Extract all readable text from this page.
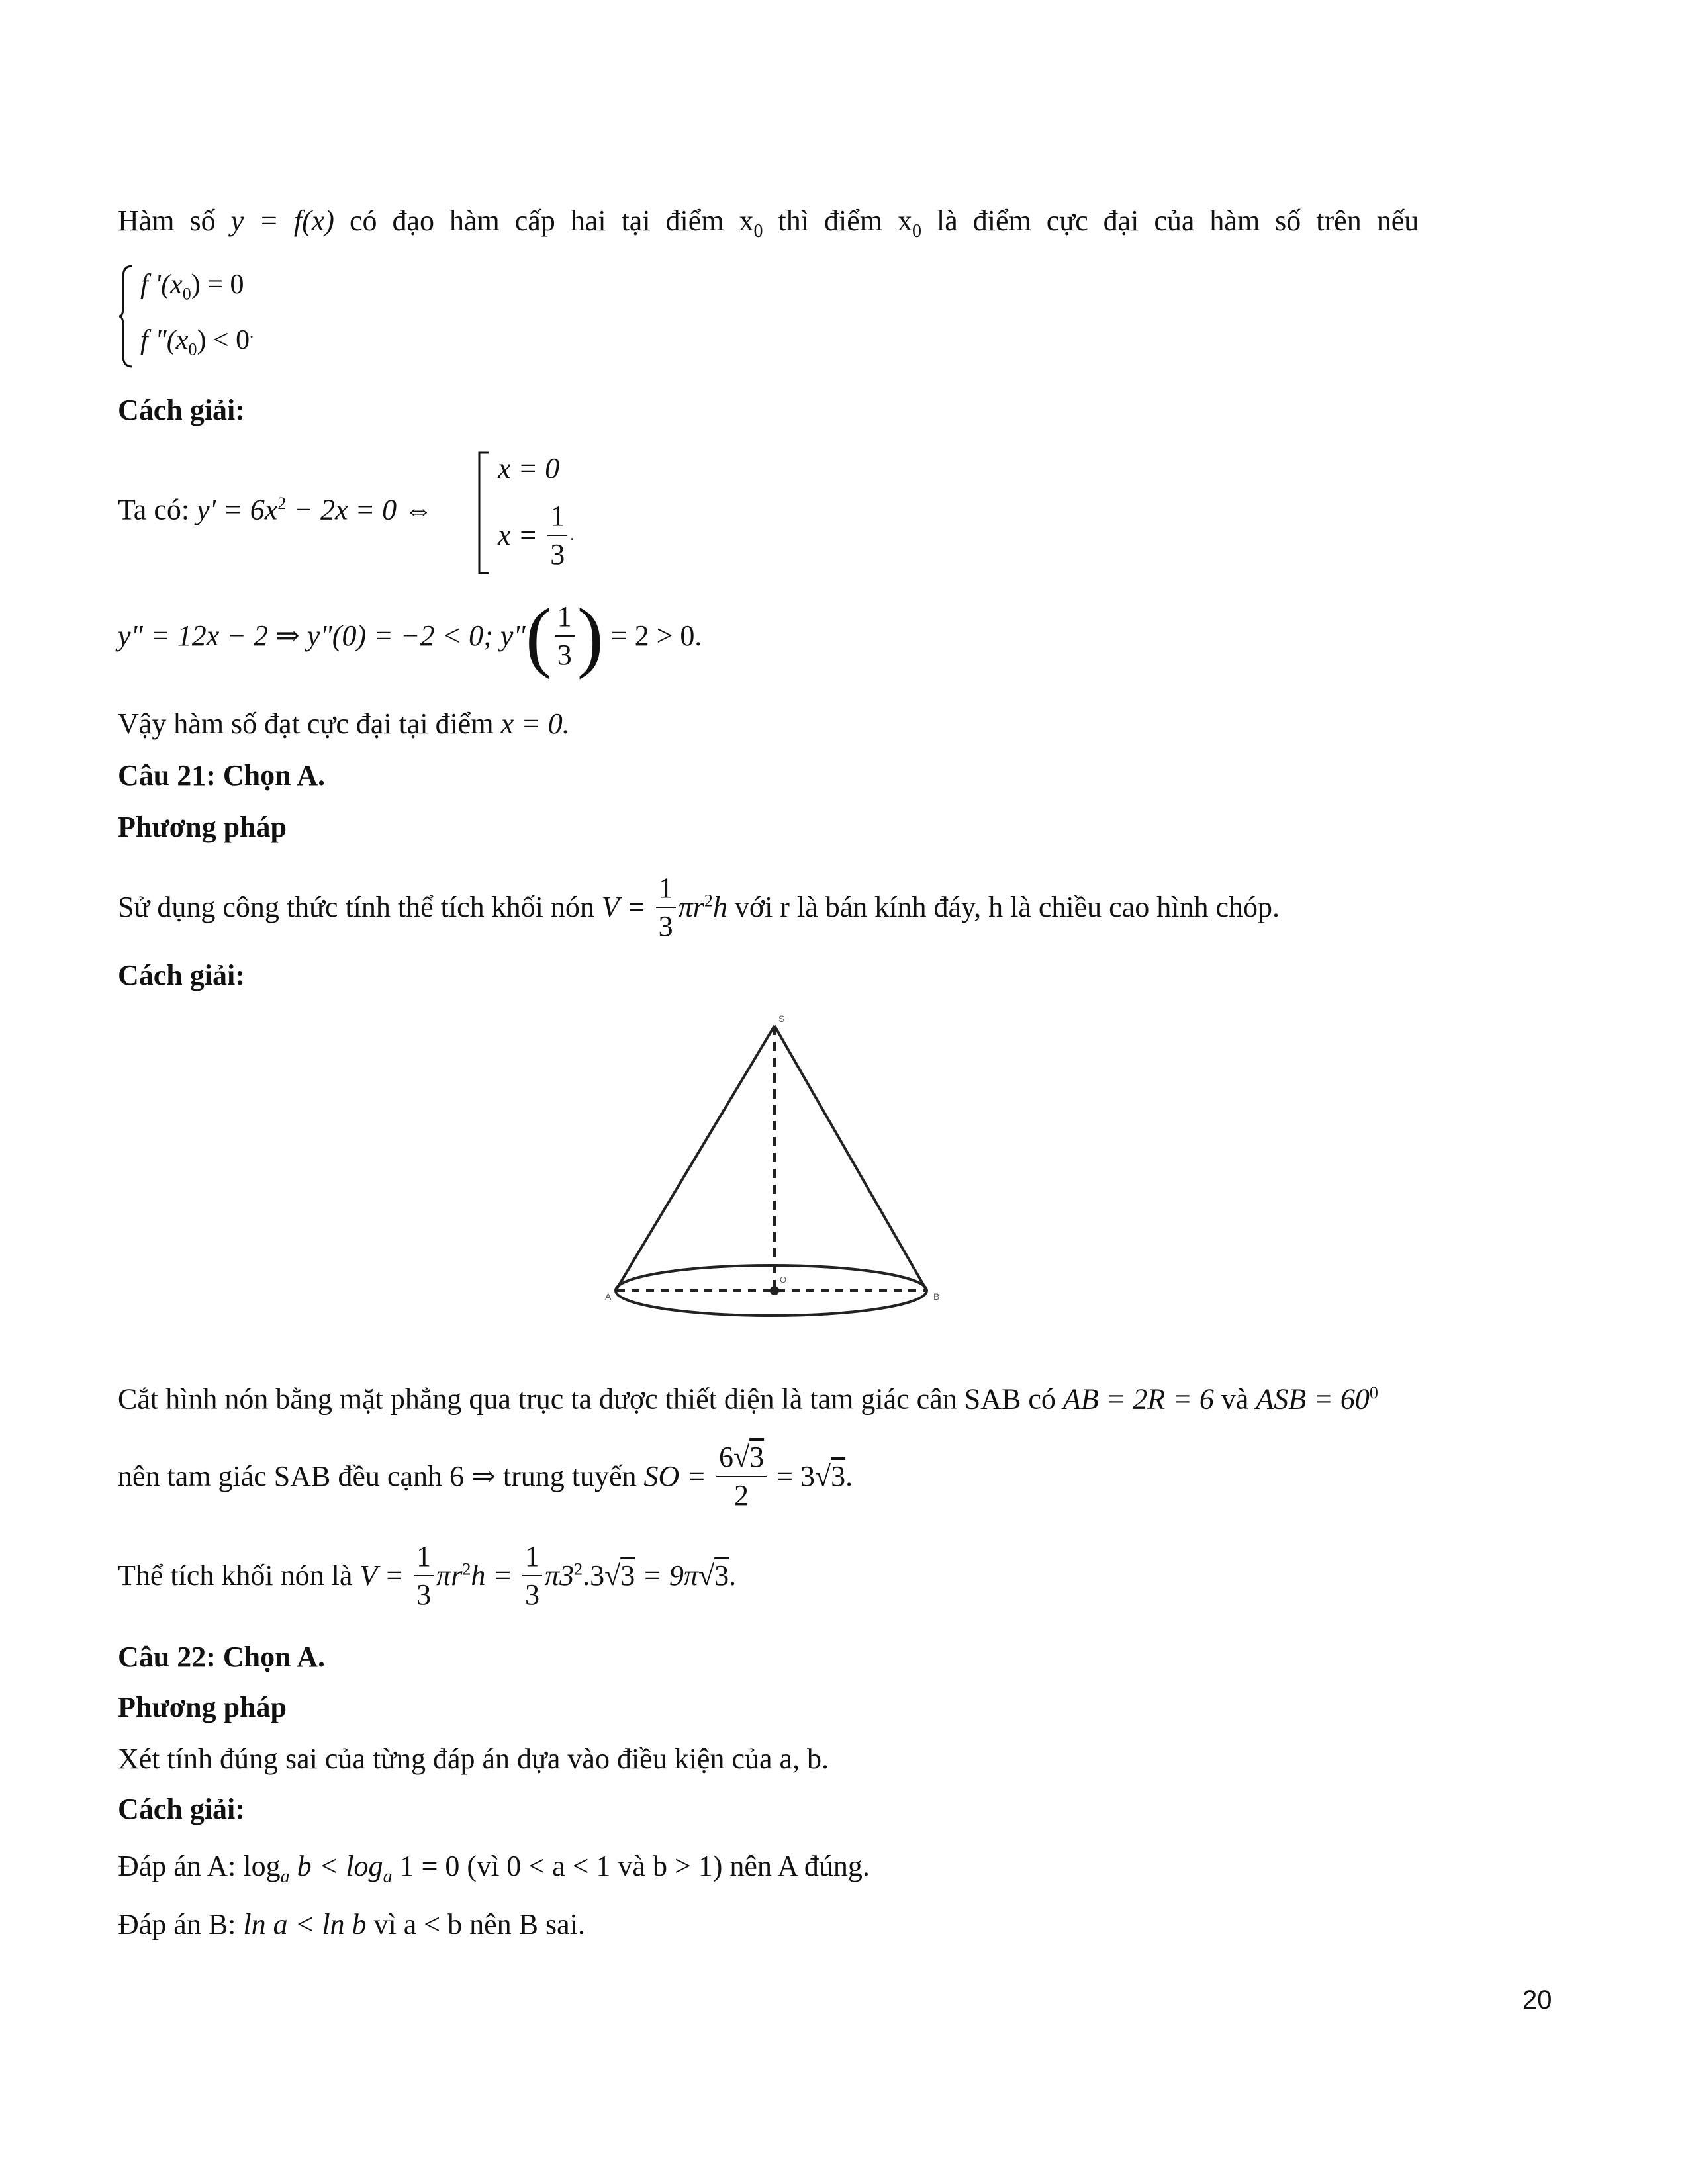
Hàm số y = f(x) có đạo hàm cấp hai tại điểm $x_0$ thì điểm $x_0$ là điểm cực đại của hàm số trên nếu
f '$(x_0) = 0$
f "$(x_0) < 0^.$
Cách giải:
Ta có: $y' = 6x^2 - 2x = 0$ ⇔
x = 0
$x = \frac{1}{3}$ .
y" = 12x − 2 ⇒ y"(0) = −2 < 0; y"( $\frac{1}{3}$ ) = 2 > 0.
Vậy hàm số đạt cực đại tại điểm x = 0.
Câu 21: Chọn A.
Phương pháp
Sử dụng công thức tính thể tích khối nón $V = \frac{1}{3} \pi r^2h$ với r là bán kính đáy, h là chiều cao hình chóp.
Cách giải:
S
A	B
O
Cắt hình nón bằng mặt phẳng qua trục ta dược thiết diện là tam giác cân SAB có AB = 2R = 6 và ASB = $60^0$
nên tam giác SAB đều cạnh 6 ⇒ trung tuyến SO = $\frac{6√3}{2} = 3√3$.
Thể tích khối nón là $V = \frac{1}{3} \pi r^2h = \frac{1}{3} \pi 3^2.3√3 = 9\pi√3$.
Câu 22: Chọn A.
Phương pháp
Xét tính đúng sai của từng đáp án dựa vào điều kiện của a, b.
Cách giải:
Đáp án A: $\log_a b < \log_a 1 = 0$ (vì 0 < a < 1 và b > 1) nên A đúng.
Đáp án B: ln a < ln b vì a < b nên B sai.
20
